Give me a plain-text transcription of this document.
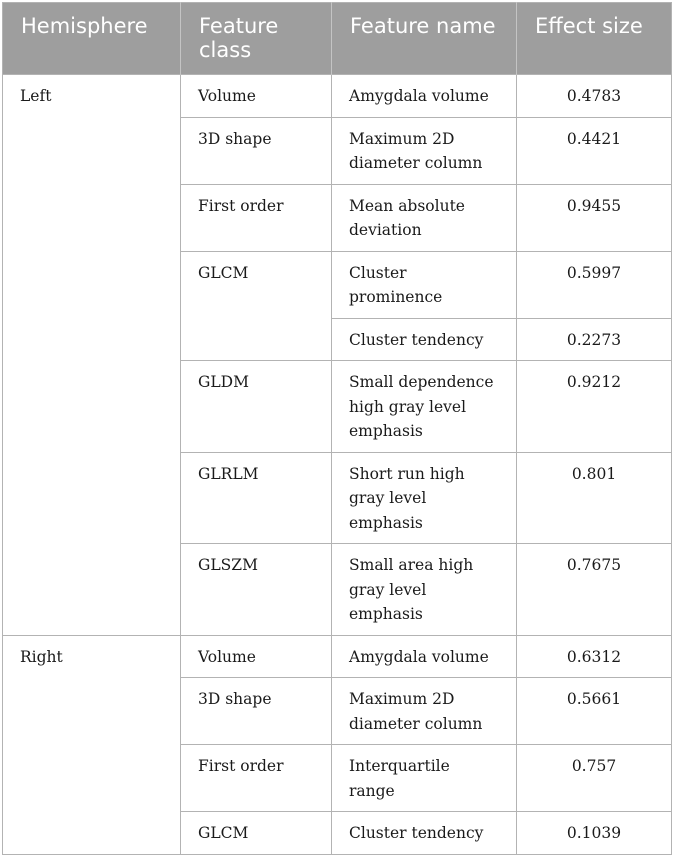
Hemisphere	Feature class	Feature name	Effect size
Left	Volume	Amygdala volume	0.4783
	3D shape	Maximum 2D diameter column	0.4421
	First order	Mean absolute deviation	0.9455
	GLCM	Cluster prominence	0.5997
		Cluster tendency	0.2273
	GLDM	Small dependence high gray level emphasis	0.9212
	GLRLM	Short run high gray level emphasis	0.801
	GLSZM	Small area high gray level emphasis	0.7675
Right	Volume	Amygdala volume	0.6312
	3D shape	Maximum 2D diameter column	0.5661
	First order	Interquartile range	0.757
	GLCM	Cluster tendency	0.1039
